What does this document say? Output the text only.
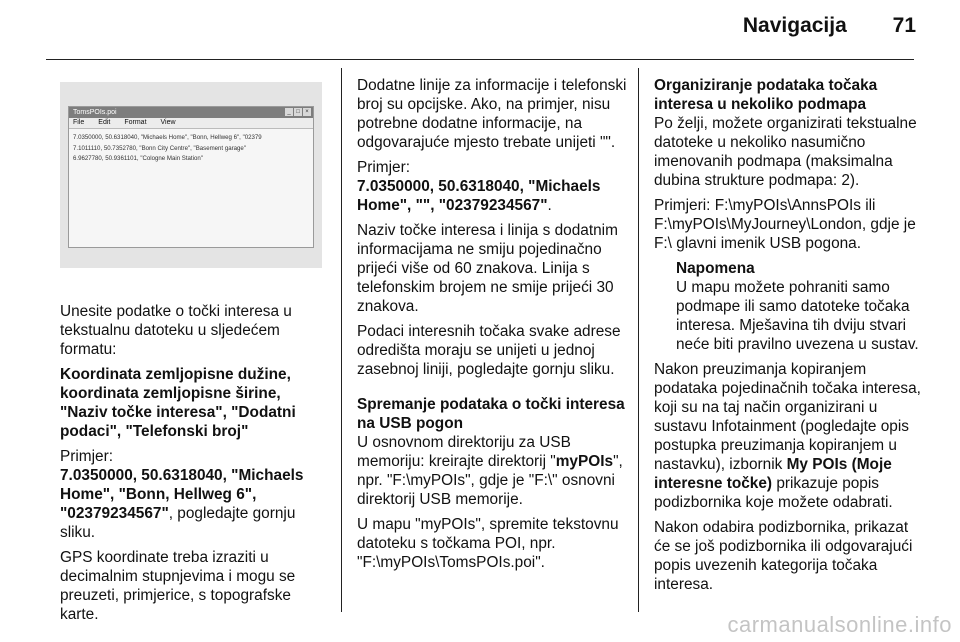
Navigacija 71
TomsPOIs.poi	_ □ ×
File Edit Format View
7.0350000, 50.6318040, "Michaels Home", "Bonn, Hellweg 6", "02379
7.1011110, 50.7352780, "Bonn City Centre", "Basement garage"
6.9627780, 50.9361101, "Cologne Main Station"

Unesite podatke o točki interesa u tekstualnu datoteku u sljedećem formatu:

Koordinata zemljopisne dužine, koordinata zemljopisne širine, "Naziv točke interesa", "Dodatni podaci", "Telefonski broj"

Primjer:
7.0350000, 50.6318040, "Michaels Home", "Bonn, Hellweg 6", "02379234567", pogledajte gornju sliku.

GPS koordinate treba izraziti u decimalnim stupnjevima i mogu se preuzeti, primjerice, s topografske karte.

Dodatne linije za informacije i telefonski broj su opcijske. Ako, na primjer, nisu potrebne dodatne informacije, na odgovarajuće mjesto trebate unijeti "".

Primjer:
7.0350000, 50.6318040, "Michaels Home", "", "02379234567".

Naziv točke interesa i linija s dodatnim informacijama ne smiju pojedinačno prijeći više od 60 znakova. Linija s telefonskim brojem ne smije prijeći 30 znakova.

Podaci interesnih točaka svake adrese odredišta moraju se unijeti u jednoj zasebnoj liniji, pogledajte gornju sliku.

Spremanje podataka o točki interesa na USB pogon

U osnovnom direktoriju za USB memoriju: kreirajte direktorij "myPOIs", npr. "F:\myPOIs", gdje je "F:\" osnovni direktorij USB memorije.

U mapu "myPOIs", spremite tekstovnu datoteku s točkama POI, npr. "F:\myPOIs\TomsPOIs.poi".

Organiziranje podataka točaka interesa u nekoliko podmapa

Po želji, možete organizirati tekstualne datoteke u nekoliko nasumično imenovanih podmapa (maksimalna dubina strukture podmapa: 2).

Primjeri: F:\myPOIs\AnnsPOIs ili F:\myPOIs\MyJourney\London, gdje je F:\ glavni imenik USB pogona.

Napomena

U mapu možete pohraniti samo podmape ili samo datoteke točaka interesa. Mješavina tih dviju stvari neće biti pravilno uvezena u sustav.

Nakon preuzimanja kopiranjem podataka pojedinačnih točaka interesa, koji su na taj način organizirani u sustavu Infotainment (pogledajte opis postupka preuzimanja kopiranjem u nastavku), izbornik My POIs (Moje interesne točke) prikazuje popis podizbornika koje možete odabrati.

Nakon odabira podizbornika, prikazat će se još podizbornika ili odgovarajući popis uvezenih kategorija točaka interesa.

carmanualsonline.info
